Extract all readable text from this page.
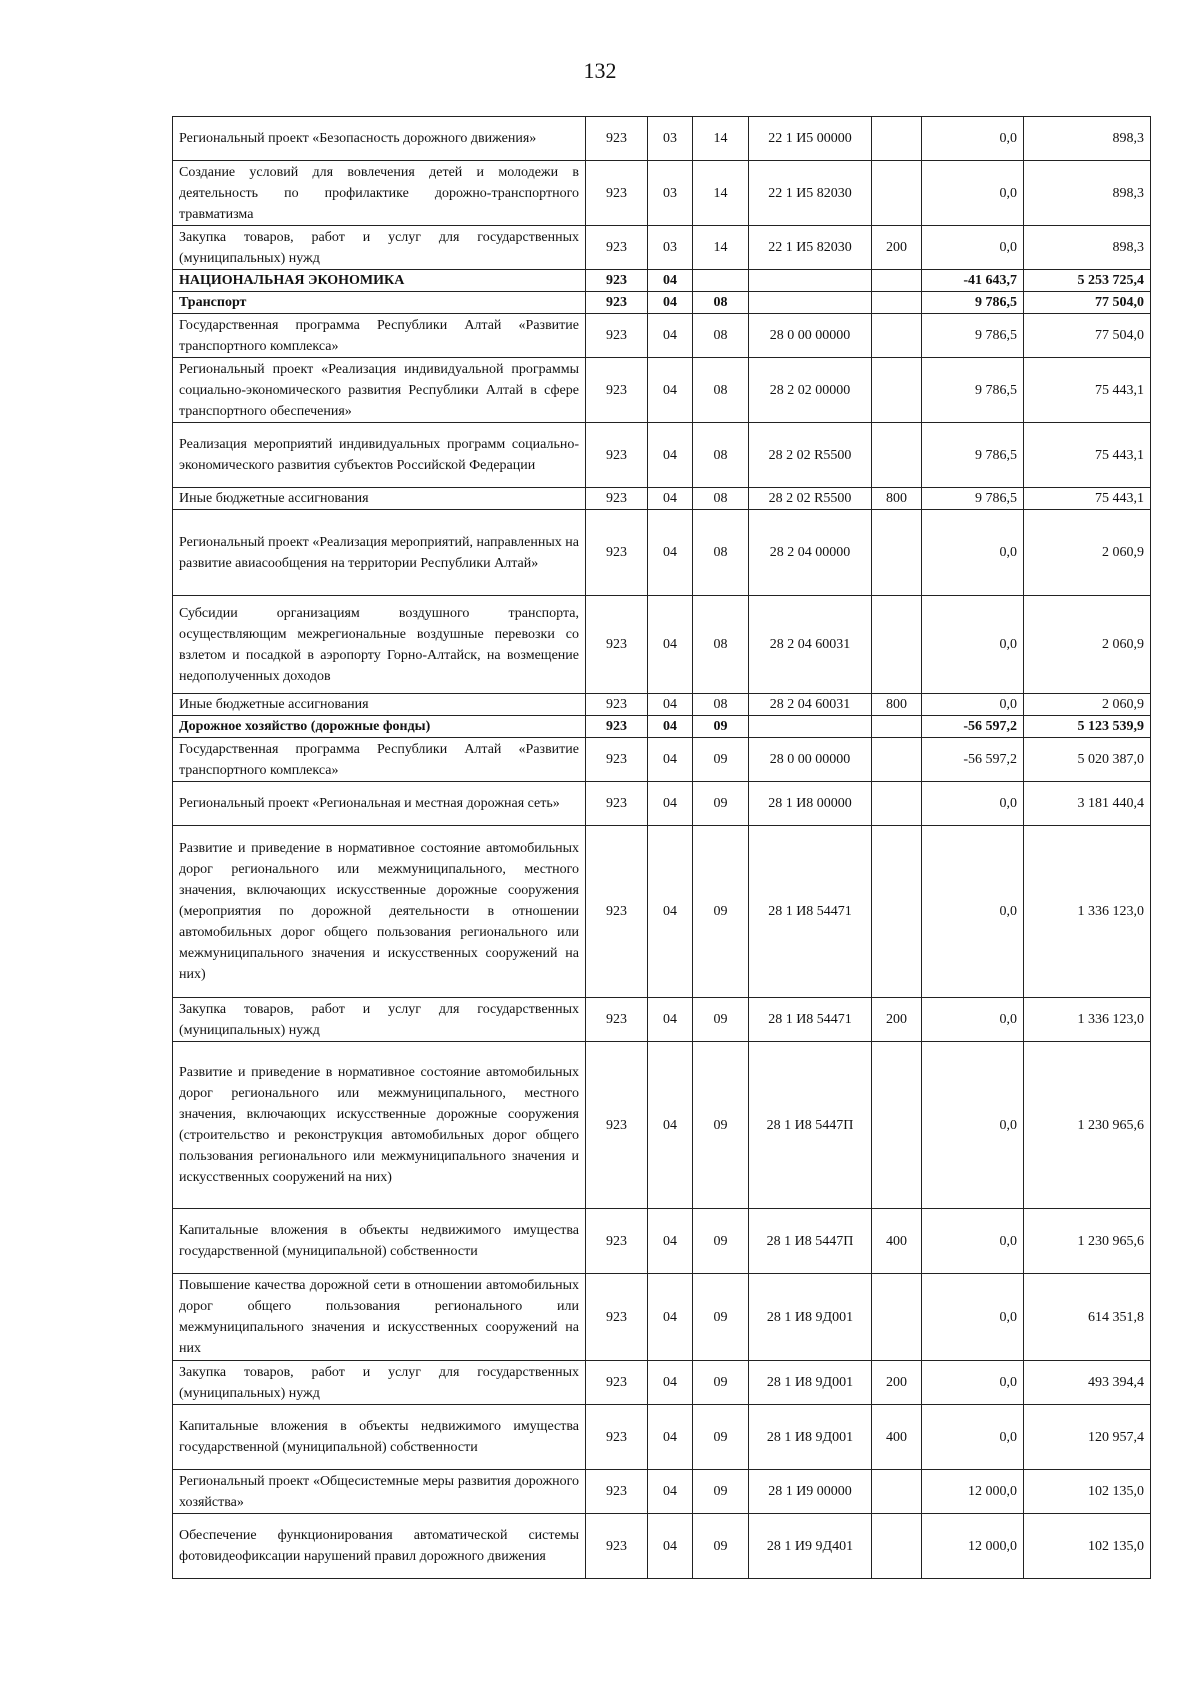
132
Региональный проект «Безопасность дорожного движения»	923	03	14	22 1 И5 00000		0,0	898,3
Создание условий для вовлечения детей и молодежи в деятельность по профилактике дорожно-транспортного травматизма	923	03	14	22 1 И5 82030		0,0	898,3
Закупка товаров, работ и услуг для государственных (муниципальных) нужд	923	03	14	22 1 И5 82030	200	0,0	898,3
НАЦИОНАЛЬНАЯ ЭКОНОМИКА	923	04				-41 643,7	5 253 725,4
Транспорт	923	04	08			9 786,5	77 504,0
Государственная программа Республики Алтай «Развитие транспортного комплекса»	923	04	08	28 0 00 00000		9 786,5	77 504,0
Региональный проект «Реализация индивидуальной программы социально-экономического развития Республики Алтай в сфере транспортного обеспечения»	923	04	08	28 2 02 00000		9 786,5	75 443,1
Реализация мероприятий индивидуальных программ социально-экономического развития субъектов Российской Федерации	923	04	08	28 2 02 R5500		9 786,5	75 443,1
Иные бюджетные ассигнования	923	04	08	28 2 02 R5500	800	9 786,5	75 443,1
Региональный проект «Реализация мероприятий, направленных на развитие авиасообщения на территории Республики Алтай»	923	04	08	28 2 04 00000		0,0	2 060,9
Субсидии организациям воздушного транспорта, осуществляющим межрегиональные воздушные перевозки со взлетом и посадкой в аэропорту Горно-Алтайск, на возмещение недополученных доходов	923	04	08	28 2 04 60031		0,0	2 060,9
Иные бюджетные ассигнования	923	04	08	28 2 04 60031	800	0,0	2 060,9
Дорожное хозяйство (дорожные фонды)	923	04	09			-56 597,2	5 123 539,9
Государственная программа Республики Алтай «Развитие транспортного комплекса»	923	04	09	28 0 00 00000		-56 597,2	5 020 387,0
Региональный проект «Региональная и местная дорожная сеть»	923	04	09	28 1 И8 00000		0,0	3 181 440,4
Развитие и приведение в нормативное состояние автомобильных дорог регионального или межмуниципального, местного значения, включающих искусственные дорожные сооружения (мероприятия по дорожной деятельности в отношении автомобильных дорог общего пользования регионального или межмуниципального значения и искусственных сооружений на них)	923	04	09	28 1 И8 54471		0,0	1 336 123,0
Закупка товаров, работ и услуг для государственных (муниципальных) нужд	923	04	09	28 1 И8 54471	200	0,0	1 336 123,0
Развитие и приведение в нормативное состояние автомобильных дорог регионального или межмуниципального, местного значения, включающих искусственные дорожные сооружения (строительство и реконструкция автомобильных дорог общего пользования регионального или межмуниципального значения и искусственных сооружений на них)	923	04	09	28 1 И8 5447П		0,0	1 230 965,6
Капитальные вложения в объекты недвижимого имущества государственной (муниципальной) собственности	923	04	09	28 1 И8 5447П	400	0,0	1 230 965,6
Повышение качества дорожной сети в отношении автомобильных дорог общего пользования регионального или межмуниципального значения и искусственных сооружений на них	923	04	09	28 1 И8 9Д001		0,0	614 351,8
Закупка товаров, работ и услуг для государственных (муниципальных) нужд	923	04	09	28 1 И8 9Д001	200	0,0	493 394,4
Капитальные вложения в объекты недвижимого имущества государственной (муниципальной) собственности	923	04	09	28 1 И8 9Д001	400	0,0	120 957,4
Региональный проект «Общесистемные меры развития дорожного хозяйства»	923	04	09	28 1 И9 00000		12 000,0	102 135,0
Обеспечение функционирования автоматической системы фотовидеофиксации нарушений правил дорожного движения	923	04	09	28 1 И9 9Д401		12 000,0	102 135,0
